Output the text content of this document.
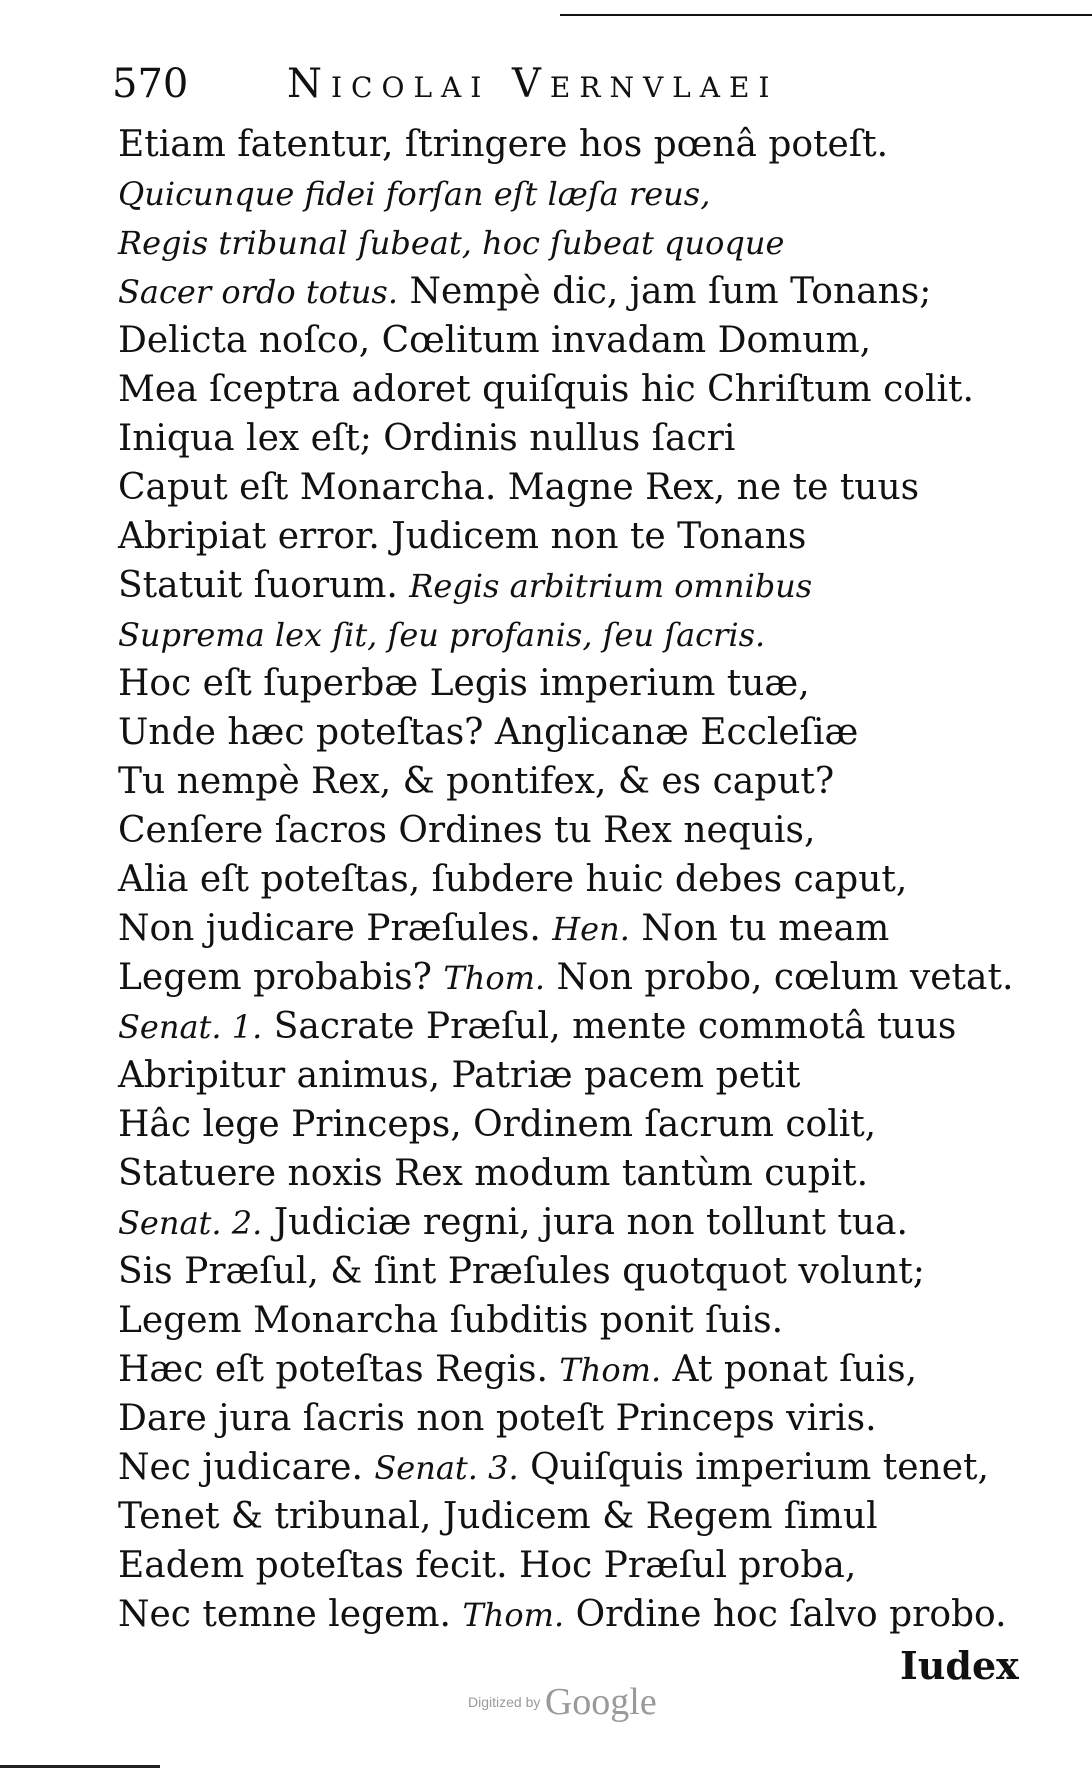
570 Nicolai Vernvlaei
Etiam fatentur, ſtringere hos pœnâ poteſt.
Quicunque fidei forſan eſt læſa reus,
Regis tribunal ſubeat, hoc ſubeat quoque
Sacer ordo totus. Nempè dic, jam ſum Tonans;
Delicta noſco, Cœlitum invadam Domum,
Mea ſceptra adoret quiſquis hic Chriſtum colit.
Iniqua lex eſt; Ordinis nullus ſacri
Caput eſt Monarcha. Magne Rex, ne te tuus
Abripiat error. Judicem non te Tonans
Statuit ſuorum. Regis arbitrium omnibus
Suprema lex ſit, ſeu profanis, ſeu ſacris.
Hoc eſt ſuperbæ Legis imperium tuæ,
Unde hæc poteſtas? Anglicanæ Eccleſiæ
Tu nempè Rex, & pontifex, & es caput?
Cenſere ſacros Ordines tu Rex nequis,
Alia eſt poteſtas, ſubdere huic debes caput,
Non judicare Præſules. Hen. Non tu meam
Legem probabis? Thom. Non probo, cœlum vetat.
Senat. 1. Sacrate Præſul, mente commotâ tuus
Abripitur animus, Patriæ pacem petit
Hâc lege Princeps, Ordinem ſacrum colit,
Statuere noxis Rex modum tantùm cupit.
Senat. 2. Judiciæ regni, jura non tollunt tua.
Sis Præſul, & ſint Præſules quotquot volunt;
Legem Monarcha ſubditis ponit ſuis.
Hæc eſt poteſtas Regis. Thom. At ponat ſuis,
Dare jura ſacris non poteſt Princeps viris.
Nec judicare. Senat. 3. Quiſquis imperium tenet,
Tenet & tribunal, Judicem & Regem ſimul
Eadem poteſtas fecit. Hoc Præſul proba,
Nec temne legem. Thom. Ordine hoc ſalvo probo.
Iudex
Digitized by Google
